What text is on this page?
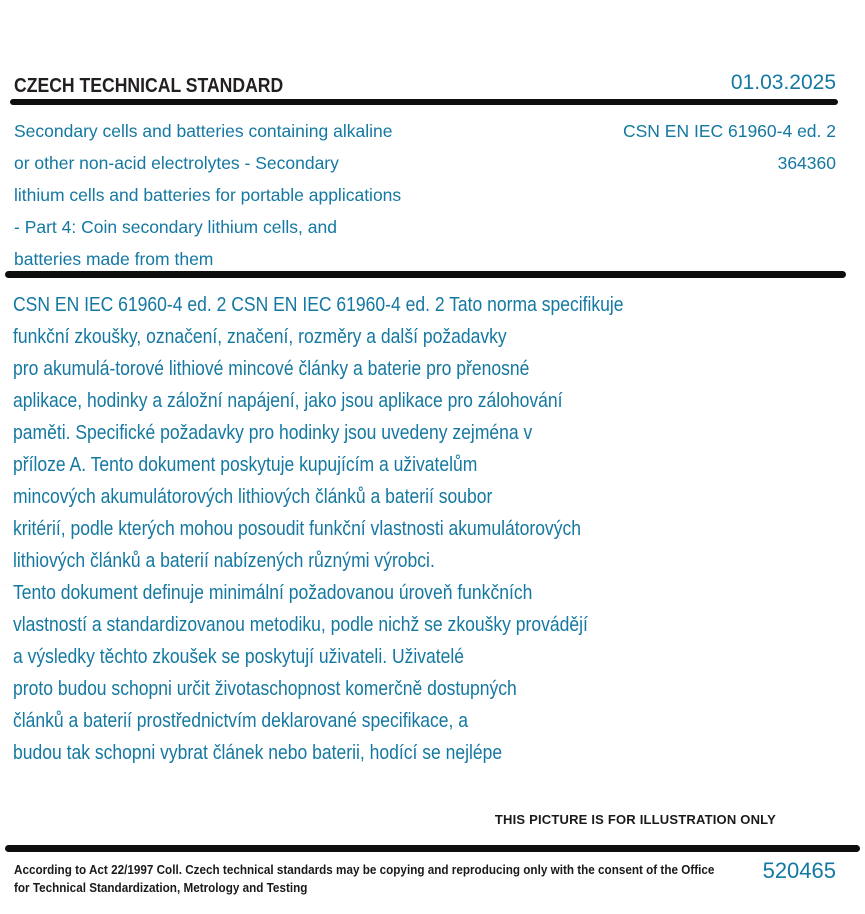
CZECH TECHNICAL STANDARD	01.03.2025
Secondary cells and batteries containing alkaline
or other non-acid electrolytes - Secondary
lithium cells and batteries for portable applications
- Part 4: Coin secondary lithium cells, and
batteries made from them
CSN EN IEC 61960-4 ed. 2
364360
CSN EN IEC 61960-4 ed. 2 CSN EN IEC 61960-4 ed. 2 Tato norma specifikuje
funkční zkoušky, označení, značení, rozměry a další požadavky
pro akumulá-torové lithiové mincové články a baterie pro přenosné
aplikace, hodinky a záložní napájení, jako jsou aplikace pro zálohování
paměti. Specifické požadavky pro hodinky jsou uvedeny zejména v
příloze A. Tento dokument poskytuje kupujícím a uživatelům
mincových akumulátorových lithiových článků a baterií soubor
kritérií, podle kterých mohou posoudit funkční vlastnosti akumulátorových
lithiových článků a baterií nabízených různými výrobci.
Tento dokument definuje minimální požadovanou úroveň funkčních
vlastností a standardizovanou metodiku, podle nichž se zkoušky provádějí
a výsledky těchto zkoušek se poskytují uživateli. Uživatelé
proto budou schopni určit životaschopnost komerčně dostupných
článků a baterií prostřednictvím deklarované specifikace, a
budou tak schopni vybrat článek nebo baterii, hodící se nejlépe
THIS PICTURE IS FOR ILLUSTRATION ONLY
According to Act 22/1997 Coll. Czech technical standards may be copying and reproducing only with the consent of the Office
for Technical Standardization, Metrology and Testing
520465
